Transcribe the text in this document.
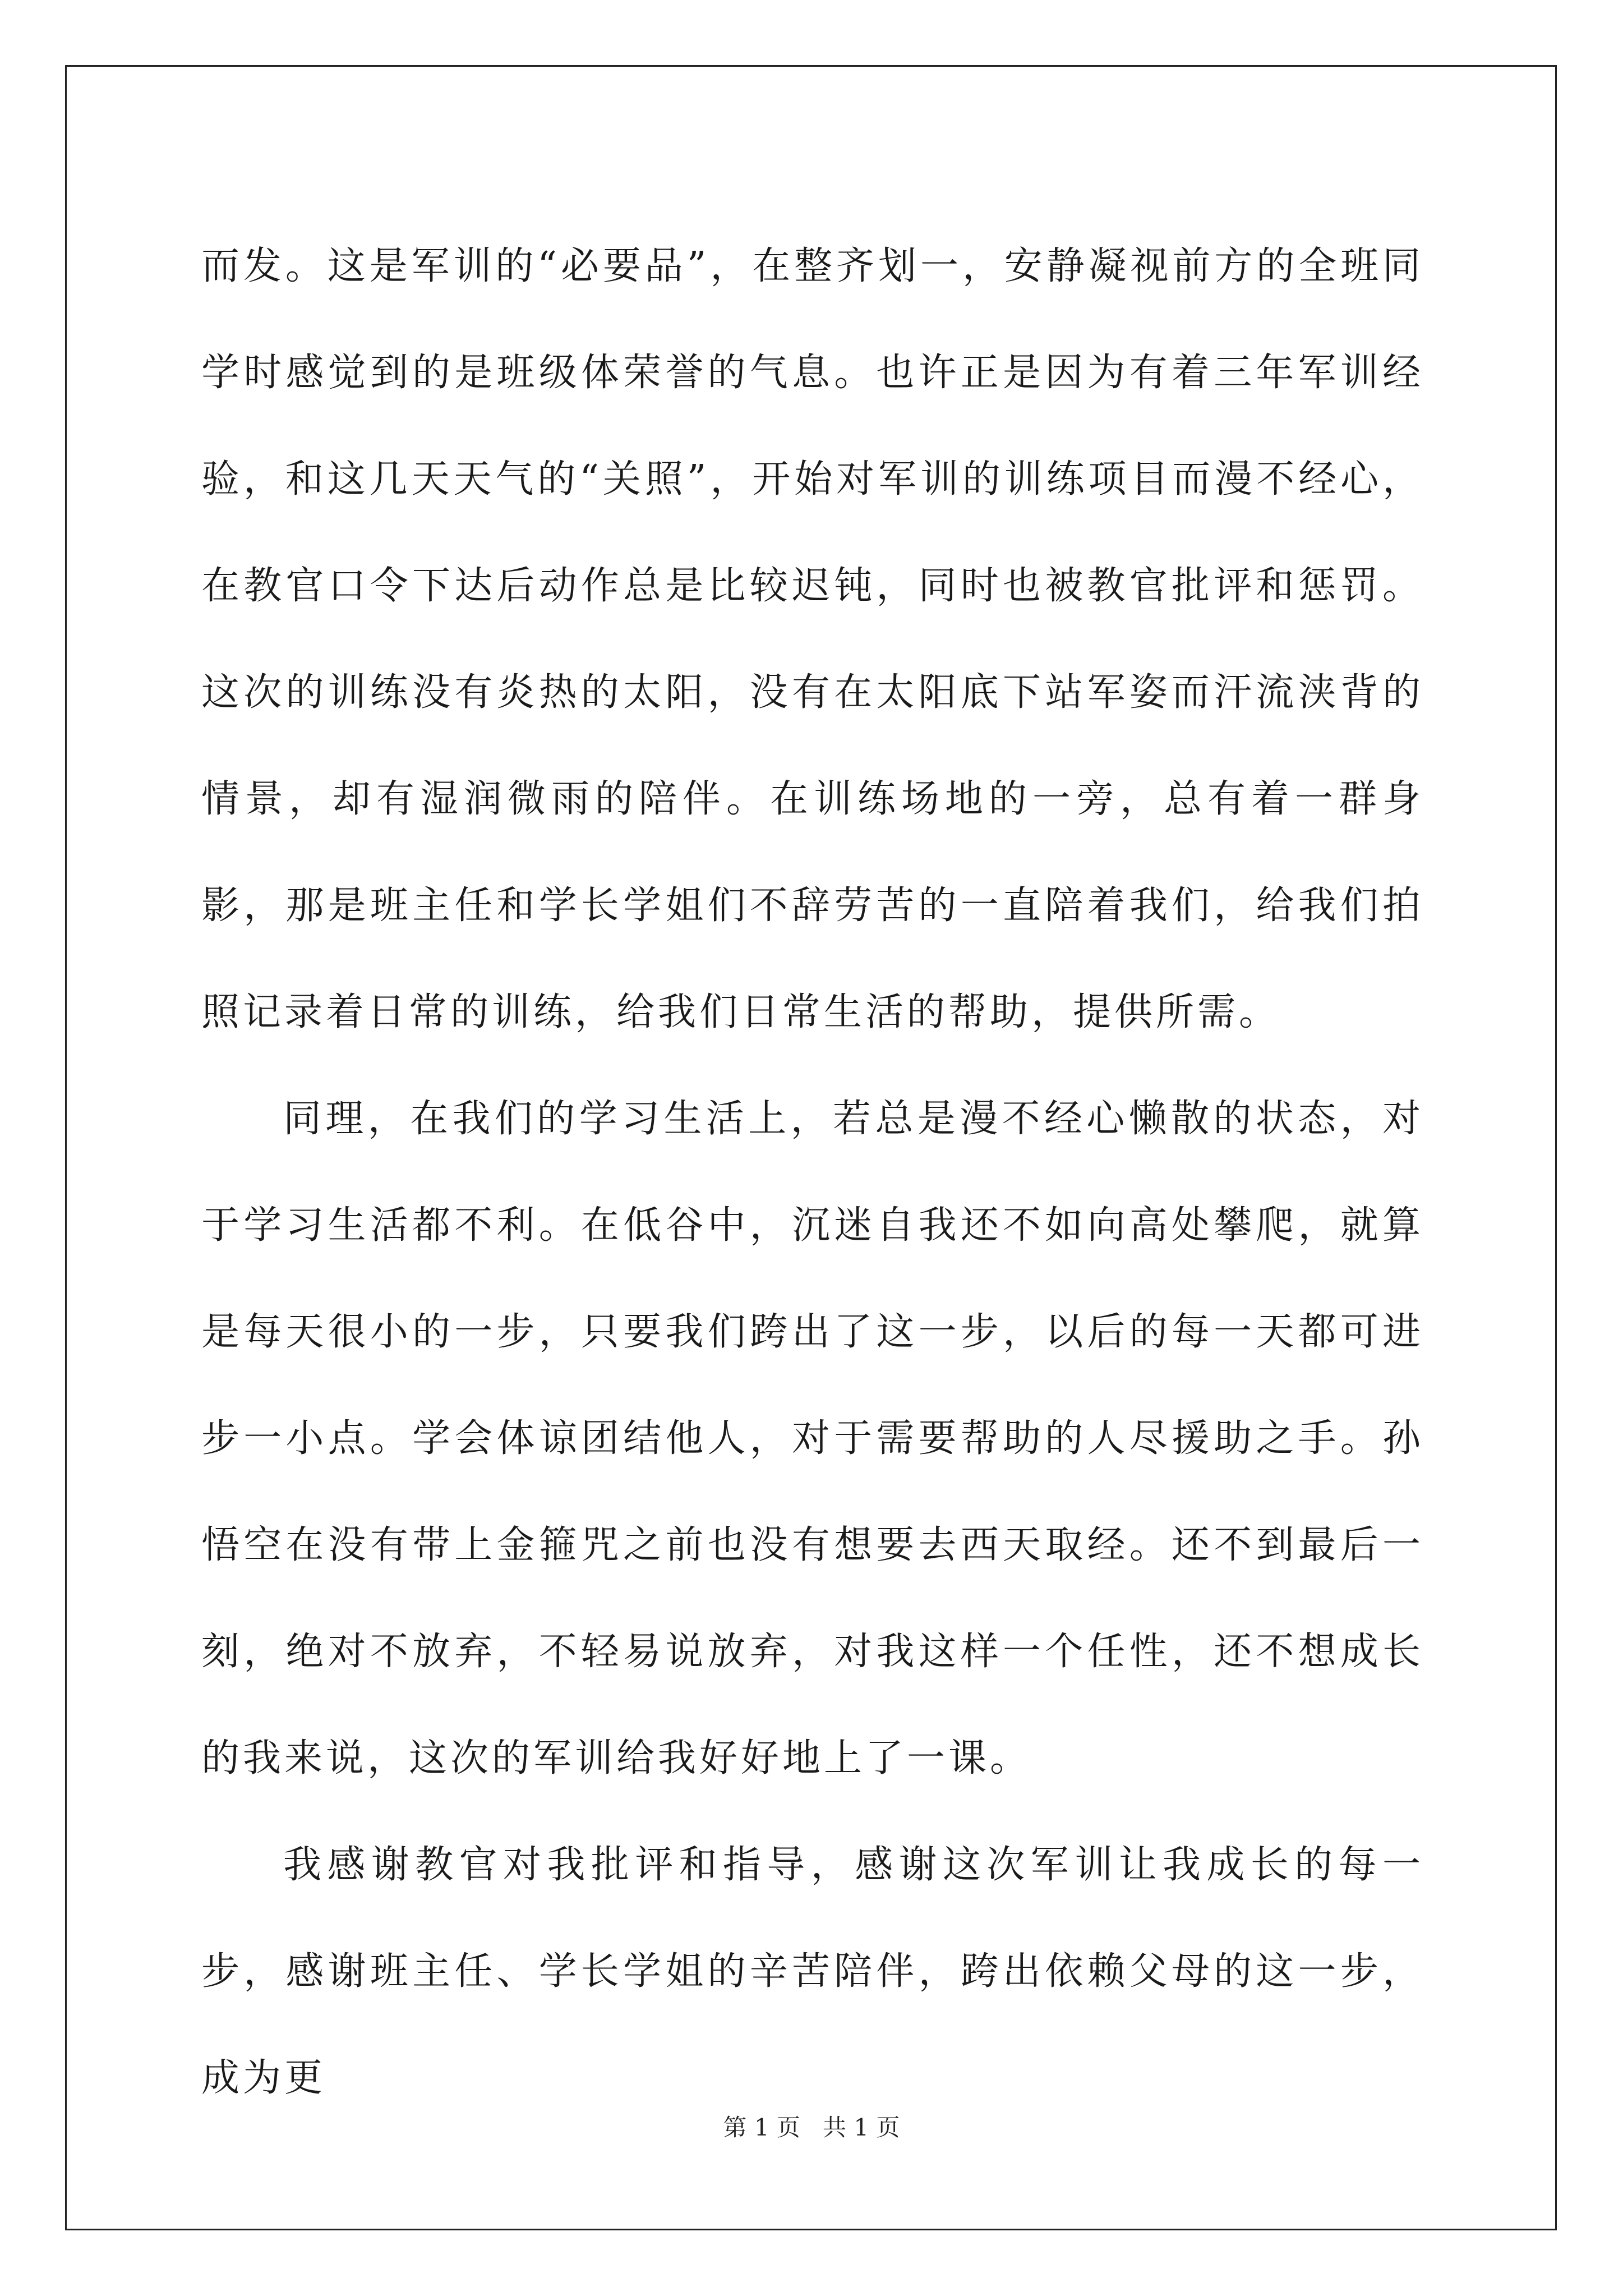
而发。这是军训的“必要品”，在整齐划一，安静凝视前方的全班同学时感觉到的是班级体荣誉的气息。也许正是因为有着三年军训经验，和这几天天气的“关照”，开始对军训的训练项目而漫不经心，在教官口令下达后动作总是比较迟钝，同时也被教官批评和惩罚。这次的训练没有炎热的太阳，没有在太阳底下站军姿而汗流浃背的情景，却有湿润微雨的陪伴。在训练场地的一旁，总有着一群身影，那是班主任和学长学姐们不辞劳苦的一直陪着我们，给我们拍照记录着日常的训练，给我们日常生活的帮助，提供所需。

同理，在我们的学习生活上，若总是漫不经心懒散的状态，对于学习生活都不利。在低谷中，沉迷自我还不如向高处攀爬，就算是每天很小的一步，只要我们跨出了这一步，以后的每一天都可进步一小点。学会体谅团结他人，对于需要帮助的人尽援助之手。孙悟空在没有带上金箍咒之前也没有想要去西天取经。还不到最后一刻，绝对不放弃，不轻易说放弃，对我这样一个任性，还不想成长的我来说，这次的军训给我好好地上了一课。

我感谢教官对我批评和指导，感谢这次军训让我成长的每一步，感谢班主任、学长学姐的辛苦陪伴，跨出依赖父母的这一步，成为更

第 1 页   共 1 页
